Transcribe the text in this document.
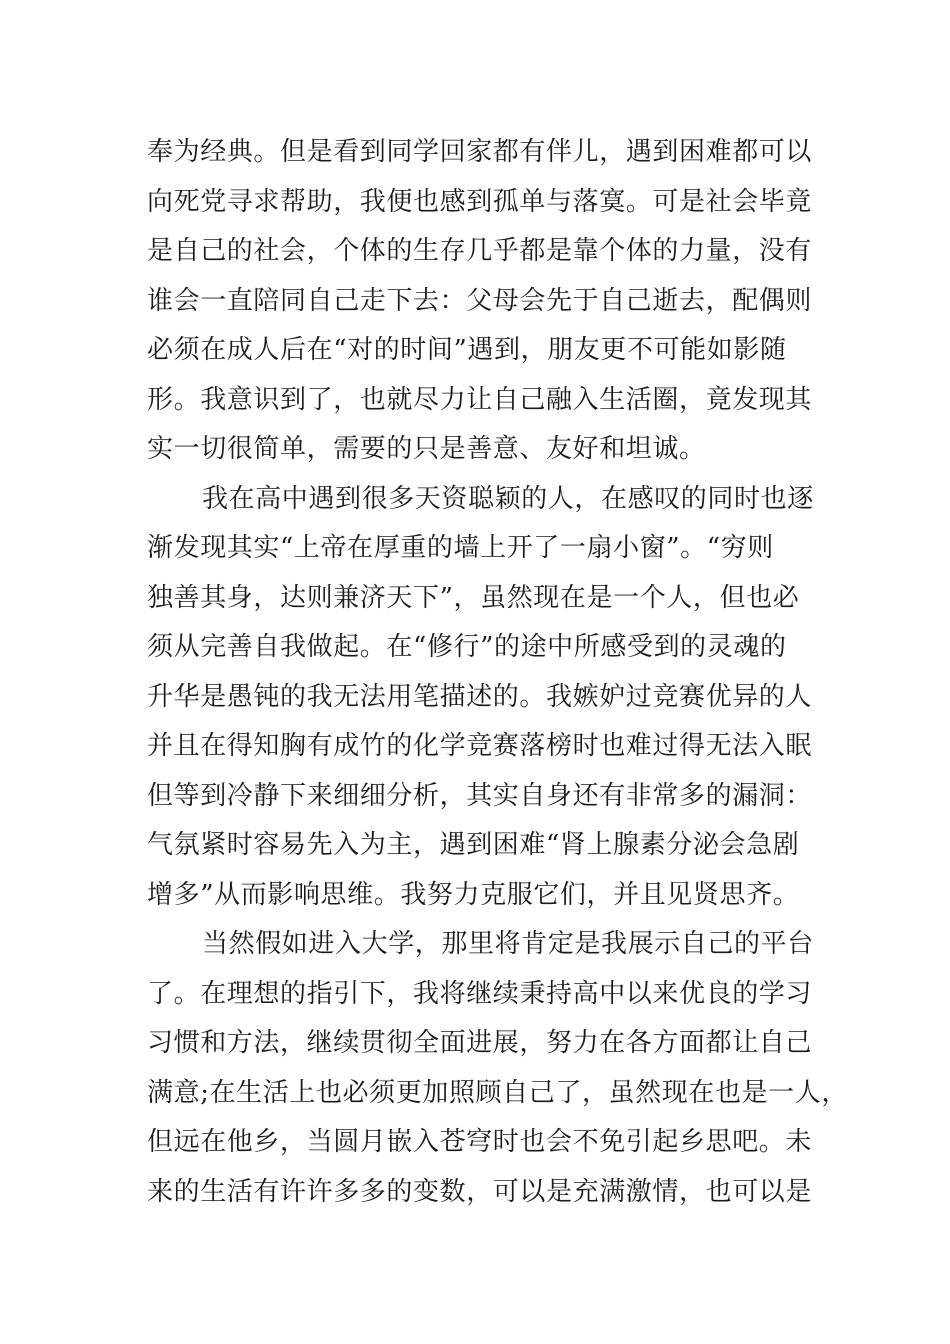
奉为经典。但是看到同学回家都有伴儿，遇到困难都可以
向死党寻求帮助，我便也感到孤单与落寞。可是社会毕竟
是自己的社会，个体的生存几乎都是靠个体的力量，没有
谁会一直陪同自己走下去：父母会先于自己逝去，配偶则
必须在成人后在“对的时间”遇到，朋友更不可能如影随
形。我意识到了，也就尽力让自己融入生活圈，竟发现其
实一切很简单，需要的只是善意、友好和坦诚。
我在高中遇到很多天资聪颖的人，在感叹的同时也逐
渐发现其实“上帝在厚重的墙上开了一扇小窗”。“穷则
独善其身，达则兼济天下”，虽然现在是一个人，但也必
须从完善自我做起。在“修行”的途中所感受到的灵魂的
升华是愚钝的我无法用笔描述的。我嫉妒过竞赛优异的人
并且在得知胸有成竹的化学竞赛落榜时也难过得无法入眠
但等到冷静下来细细分析，其实自身还有非常多的漏洞：
气氛紧时容易先入为主，遇到困难“肾上腺素分泌会急剧
增多”从而影响思维。我努力克服它们，并且见贤思齐。
当然假如进入大学，那里将肯定是我展示自己的平台
了。在理想的指引下，我将继续秉持高中以来优良的学习
习惯和方法，继续贯彻全面进展，努力在各方面都让自己
满意;在生活上也必须更加照顾自己了，虽然现在也是一人，
但远在他乡，当圆月嵌入苍穹时也会不免引起乡思吧。未
来的生活有许许多多的变数，可以是充满激情，也可以是
